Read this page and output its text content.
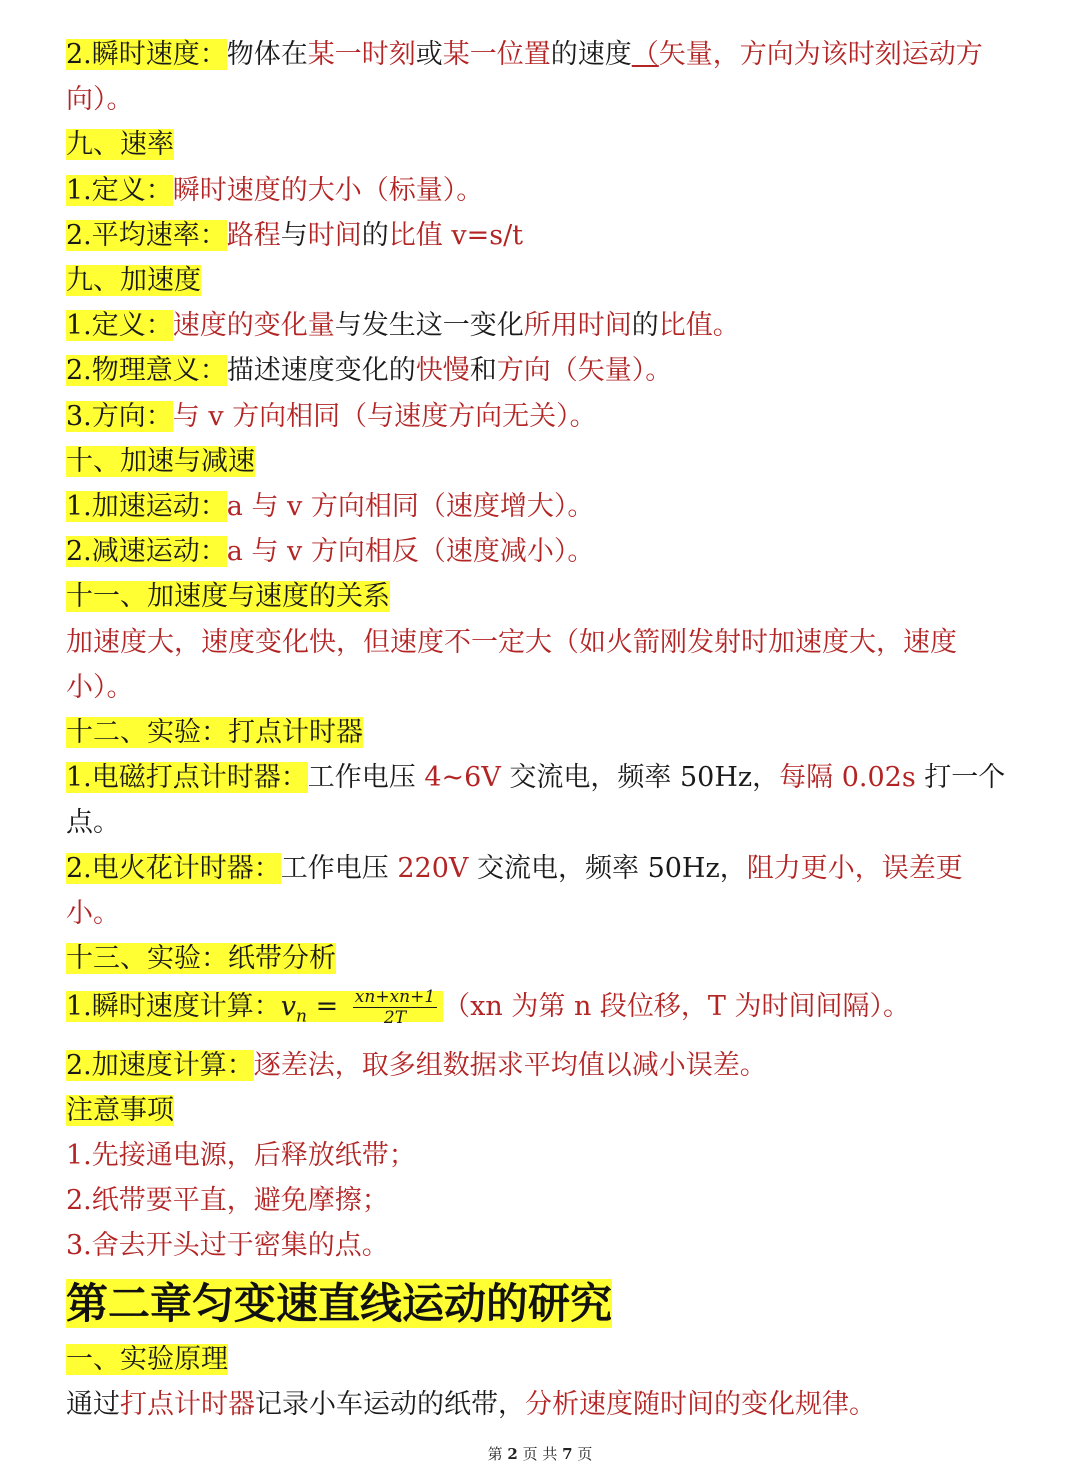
2.瞬时速度：物体在某一时刻或某一位置的速度（矢量，方向为该时刻运动方向）。
九、速率
1.定义：瞬时速度的大小（标量）。
2.平均速率：路程与时间的比值 v=s/t
九、加速度
1.定义：速度的变化量与发生这一变化所用时间的比值。
2.物理意义：描述速度变化的快慢和方向（矢量）。
3.方向：与 v 方向相同（与速度方向无关）。
十、加速与减速
1.加速运动：a 与 v 方向相同（速度增大）。
2.减速运动：a 与 v 方向相反（速度减小）。
十一、加速度与速度的关系
加速度大，速度变化快，但速度不一定大（如火箭刚发射时加速度大，速度小）。
十二、实验：打点计时器
1.电磁打点计时器：工作电压 4~6V 交流电，频率 50Hz，每隔 0.02s 打一个点。
2.电火花计时器：工作电压 220V 交流电，频率 50Hz，阻力更小，误差更小。
十三、实验：纸带分析
1.瞬时速度计算：$v_n = \frac{xn+xn+1}{2T} (xn$ 为第 n 段位移，T 为时间间隔）。
2.加速度计算：逐差法，取多组数据求平均值以减小误差。
注意事项
1.先接通电源，后释放纸带；
2.纸带要平直，避免摩擦；
3.舍去开头过于密集的点。
第二章匀变速直线运动的研究
一、实验原理
通过打点计时器记录小车运动的纸带，分析速度随时间的变化规律。
第 2 页 共 7 页
